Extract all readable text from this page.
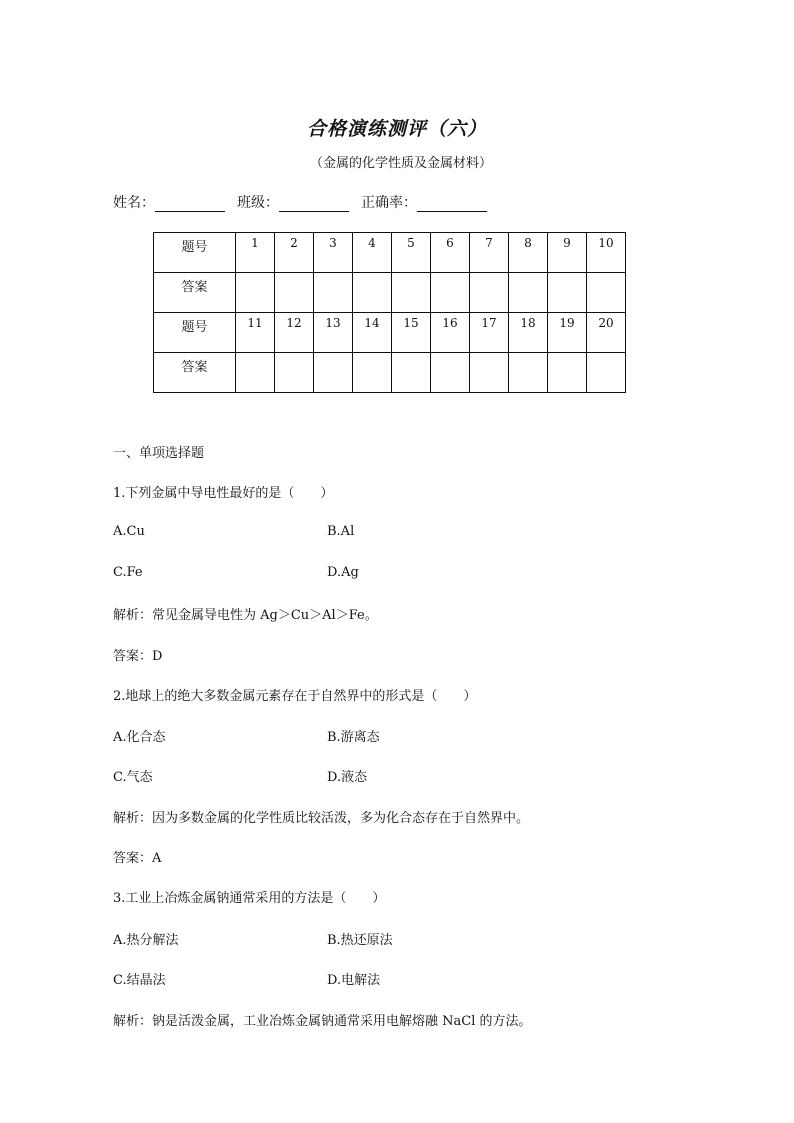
合格演练测评（六）
（金属的化学性质及金属材料）
姓名：	班级：	正确率：
题号	1	2	3	4	5	6	7	8	9	10
答案										
题号	11	12	13	14	15	16	17	18	19	20
答案										
一、单项选择题
1.下列金属中导电性最好的是（　　）
A.Cu	B.Al
C.Fe	D.Ag
解析：常见金属导电性为 Ag＞Cu＞Al＞Fe。
答案：D
2.地球上的绝大多数金属元素存在于自然界中的形式是（　　）
A.化合态	B.游离态
C.气态	D.液态
解析：因为多数金属的化学性质比较活泼，多为化合态存在于自然界中。
答案：A
3.工业上冶炼金属钠通常采用的方法是（　　）
A.热分解法	B.热还原法
C.结晶法	D.电解法
解析：钠是活泼金属，工业冶炼金属钠通常采用电解熔融 NaCl 的方法。
